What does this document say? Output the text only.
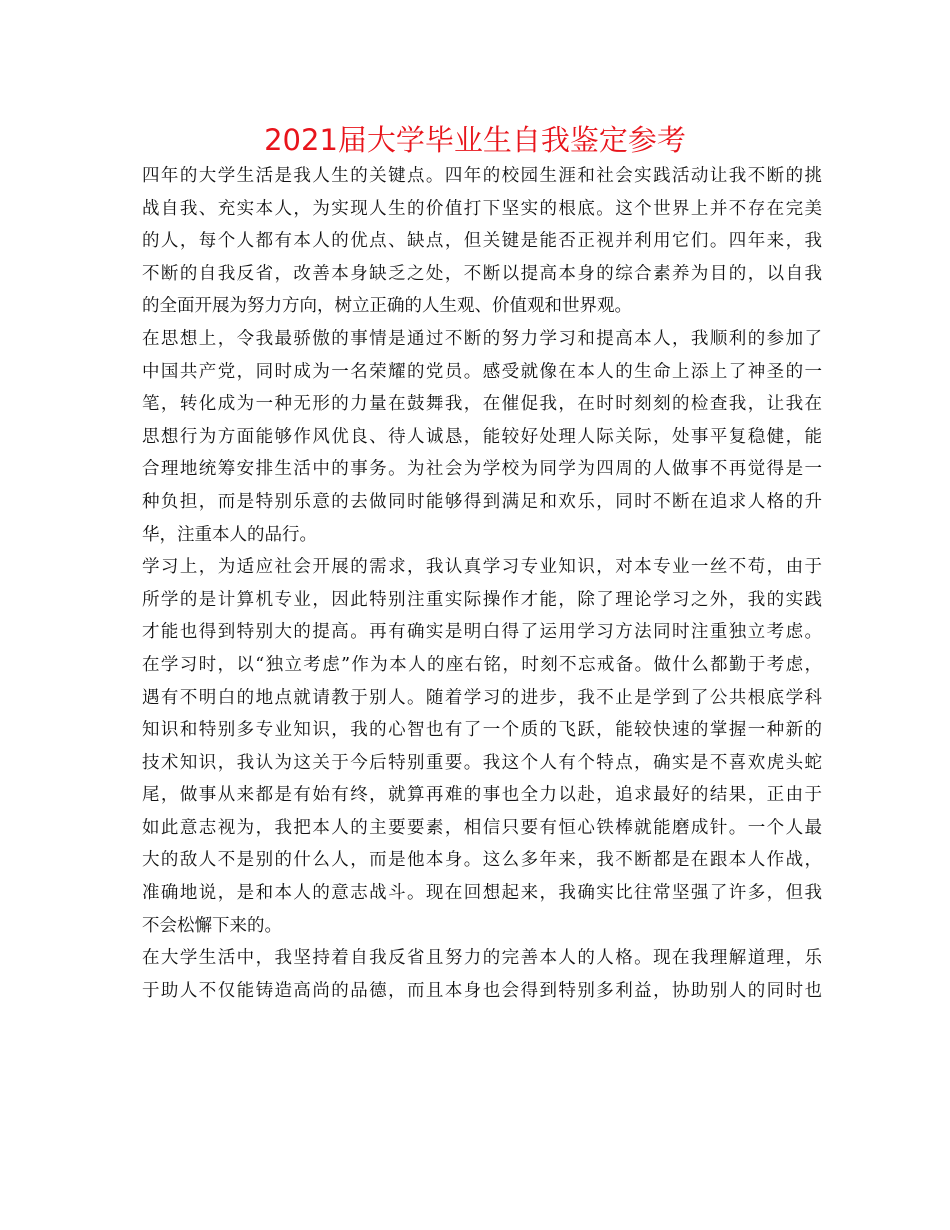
2021届大学毕业生自我鉴定参考
四年的大学生活是我人生的关键点。四年的校园生涯和社会实践活动让我不断的挑
战自我、充实本人，为实现人生的价值打下坚实的根底。这个世界上并不存在完美
的人，每个人都有本人的优点、缺点，但关键是能否正视并利用它们。四年来，我
不断的自我反省，改善本身缺乏之处，不断以提高本身的综合素养为目的，以自我
的全面开展为努力方向，树立正确的人生观、价值观和世界观。
在思想上，令我最骄傲的事情是通过不断的努力学习和提高本人，我顺利的参加了
中国共产党，同时成为一名荣耀的党员。感受就像在本人的生命上添上了神圣的一
笔，转化成为一种无形的力量在鼓舞我，在催促我，在时时刻刻的检查我，让我在
思想行为方面能够作风优良、待人诚恳，能较好处理人际关际，处事平复稳健，能
合理地统筹安排生活中的事务。为社会为学校为同学为四周的人做事不再觉得是一
种负担，而是特别乐意的去做同时能够得到满足和欢乐，同时不断在追求人格的升
华，注重本人的品行。
学习上，为适应社会开展的需求，我认真学习专业知识，对本专业一丝不苟，由于
所学的是计算机专业，因此特别注重实际操作才能，除了理论学习之外，我的实践
才能也得到特别大的提高。再有确实是明白得了运用学习方法同时注重独立考虑。
在学习时，以“独立考虑”作为本人的座右铭，时刻不忘戒备。做什么都勤于考虑，
遇有不明白的地点就请教于别人。随着学习的进步，我不止是学到了公共根底学科
知识和特别多专业知识，我的心智也有了一个质的飞跃，能较快速的掌握一种新的
技术知识，我认为这关于今后特别重要。我这个人有个特点，确实是不喜欢虎头蛇
尾，做事从来都是有始有终，就算再难的事也全力以赴，追求最好的结果，正由于
如此意志视为，我把本人的主要要素，相信只要有恒心铁棒就能磨成针。一个人最
大的敌人不是别的什么人，而是他本身。这么多年来，我不断都是在跟本人作战，
准确地说，是和本人的意志战斗。现在回想起来，我确实比往常坚强了许多，但我
不会松懈下来的。
在大学生活中，我坚持着自我反省且努力的完善本人的人格。现在我理解道理，乐
于助人不仅能铸造高尚的品德，而且本身也会得到特别多利益，协助别人的同时也
